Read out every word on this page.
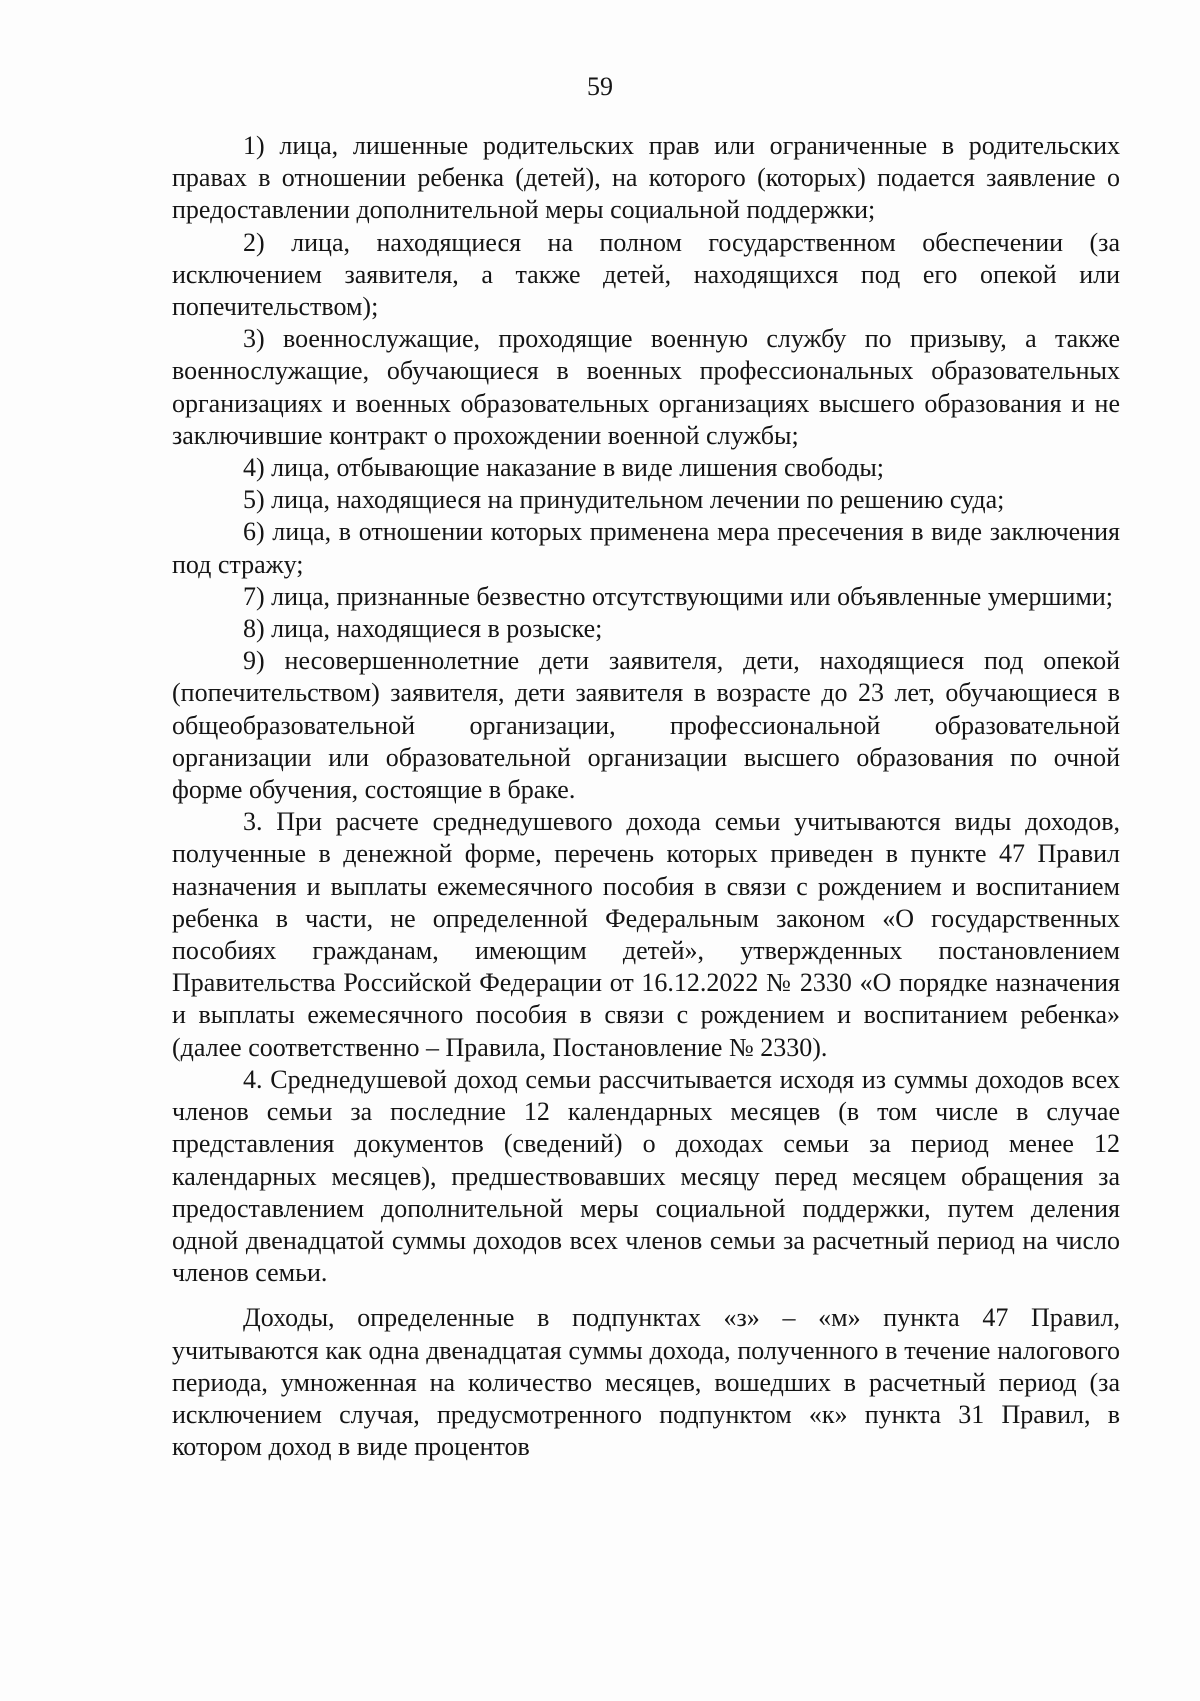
59

1) лица, лишенные родительских прав или ограниченные в родительских правах в отношении ребенка (детей), на которого (которых) подается заявление о предоставлении дополнительной меры социальной поддержки;

2) лица, находящиеся на полном государственном обеспечении (за исключением заявителя, а также детей, находящихся под его опекой или попечительством);

3) военнослужащие, проходящие военную службу по призыву, а также военнослужащие, обучающиеся в военных профессиональных образовательных организациях и военных образовательных организациях высшего образования и не заключившие контракт о прохождении военной службы;

4) лица, отбывающие наказание в виде лишения свободы;

5) лица, находящиеся на принудительном лечении по решению суда;

6) лица, в отношении которых применена мера пресечения в виде заключения под стражу;

7) лица, признанные безвестно отсутствующими или объявленные умершими;

8) лица, находящиеся в розыске;

9) несовершеннолетние дети заявителя, дети, находящиеся под опекой (попечительством) заявителя, дети заявителя в возрасте до 23 лет, обучающиеся в общеобразовательной организации, профессиональной образовательной организации или образовательной организации высшего образования по очной форме обучения, состоящие в браке.

3. При расчете среднедушевого дохода семьи учитываются виды доходов, полученные в денежной форме, перечень которых приведен в пункте 47 Правил назначения и выплаты ежемесячного пособия в связи с рождением и воспитанием ребенка в части, не определенной Федеральным законом «О государственных пособиях гражданам, имеющим детей», утвержденных постановлением Правительства Российской Федерации от 16.12.2022 № 2330 «О порядке назначения и выплаты ежемесячного пособия в связи с рождением и воспитанием ребенка» (далее соответственно – Правила, Постановление № 2330).

4. Среднедушевой доход семьи рассчитывается исходя из суммы доходов всех членов семьи за последние 12 календарных месяцев (в том числе в случае представления документов (сведений) о доходах семьи за период менее 12 календарных месяцев), предшествовавших месяцу перед месяцем обращения за предоставлением дополнительной меры социальной поддержки, путем деления одной двенадцатой суммы доходов всех членов семьи за расчетный период на число членов семьи.

Доходы, определенные в подпунктах «з» – «м» пункта 47 Правил, учитываются как одна двенадцатая суммы дохода, полученного в течение налогового периода, умноженная на количество месяцев, вошедших в расчетный период (за исключением случая, предусмотренного подпунктом «к» пункта 31 Правил, в котором доход в виде процентов
